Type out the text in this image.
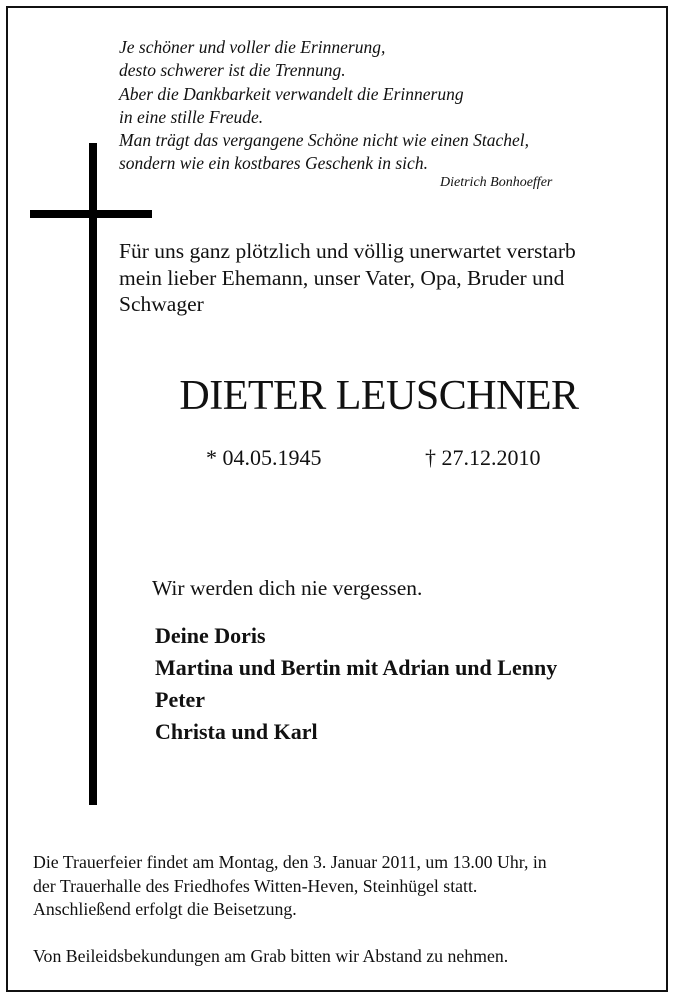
Je schöner und voller die Erinnerung,
desto schwerer ist die Trennung.
Aber die Dankbarkeit verwandelt die Erinnerung
in eine stille Freude.
Man trägt das vergangene Schöne nicht wie einen Stachel,
sondern wie ein kostbares Geschenk in sich.
Dietrich Bonhoeffer
Für uns ganz plötzlich und völlig unerwartet verstarb
mein lieber Ehemann, unser Vater, Opa, Bruder und
Schwager
DIETER LEUSCHNER
* 04.05.1945	† 27.12.2010
Wir werden dich nie vergessen.
Deine Doris
Martina und Bertin mit Adrian und Lenny
Peter
Christa und Karl
Die Trauerfeier findet am Montag, den 3. Januar 2011, um 13.00 Uhr, in
der Trauerhalle des Friedhofes Witten-Heven, Steinhügel statt.
Anschließend erfolgt die Beisetzung.
Von Beileidsbekundungen am Grab bitten wir Abstand zu nehmen.
